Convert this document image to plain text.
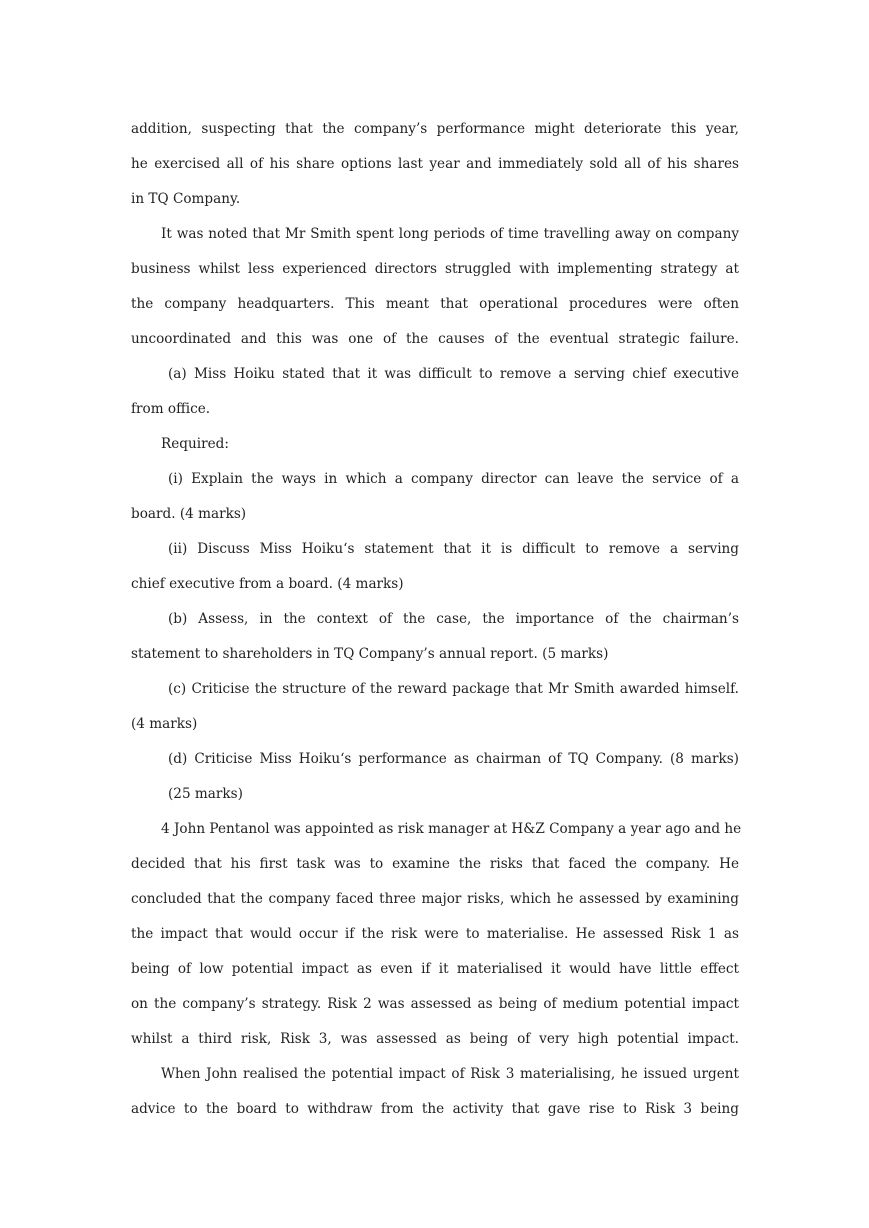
addition, suspecting that the company’s performance might deteriorate this year,
he exercised all of his share options last year and immediately sold all of his shares
in TQ Company.
It was noted that Mr Smith spent long periods of time travelling away on company
business whilst less experienced directors struggled with implementing strategy at
the company headquarters. This meant that operational procedures were often
uncoordinated and this was one of the causes of the eventual strategic failure.
(a) Miss Hoiku stated that it was difficult to remove a serving chief executive
from office.
Required:
(i) Explain the ways in which a company director can leave the service of a
board. (4 marks)
(ii) Discuss Miss Hoiku‘s statement that it is difficult to remove a serving
chief executive from a board. (4 marks)
(b) Assess, in the context of the case, the importance of the chairman’s
statement to shareholders in TQ Company’s annual report. (5 marks)
(c) Criticise the structure of the reward package that Mr Smith awarded himself.
(4 marks)
(d) Criticise Miss Hoiku‘s performance as chairman of TQ Company. (8 marks)
(25 marks)
4 John Pentanol was appointed as risk manager at H&Z Company a year ago and he
decided that his first task was to examine the risks that faced the company. He
concluded that the company faced three major risks, which he assessed by examining
the impact that would occur if the risk were to materialise. He assessed Risk 1 as
being of low potential impact as even if it materialised it would have little effect
on the company’s strategy. Risk 2 was assessed as being of medium potential impact
whilst a third risk, Risk 3, was assessed as being of very high potential impact.
When John realised the potential impact of Risk 3 materialising, he issued urgent
advice to the board to withdraw from the activity that gave rise to Risk 3 being
